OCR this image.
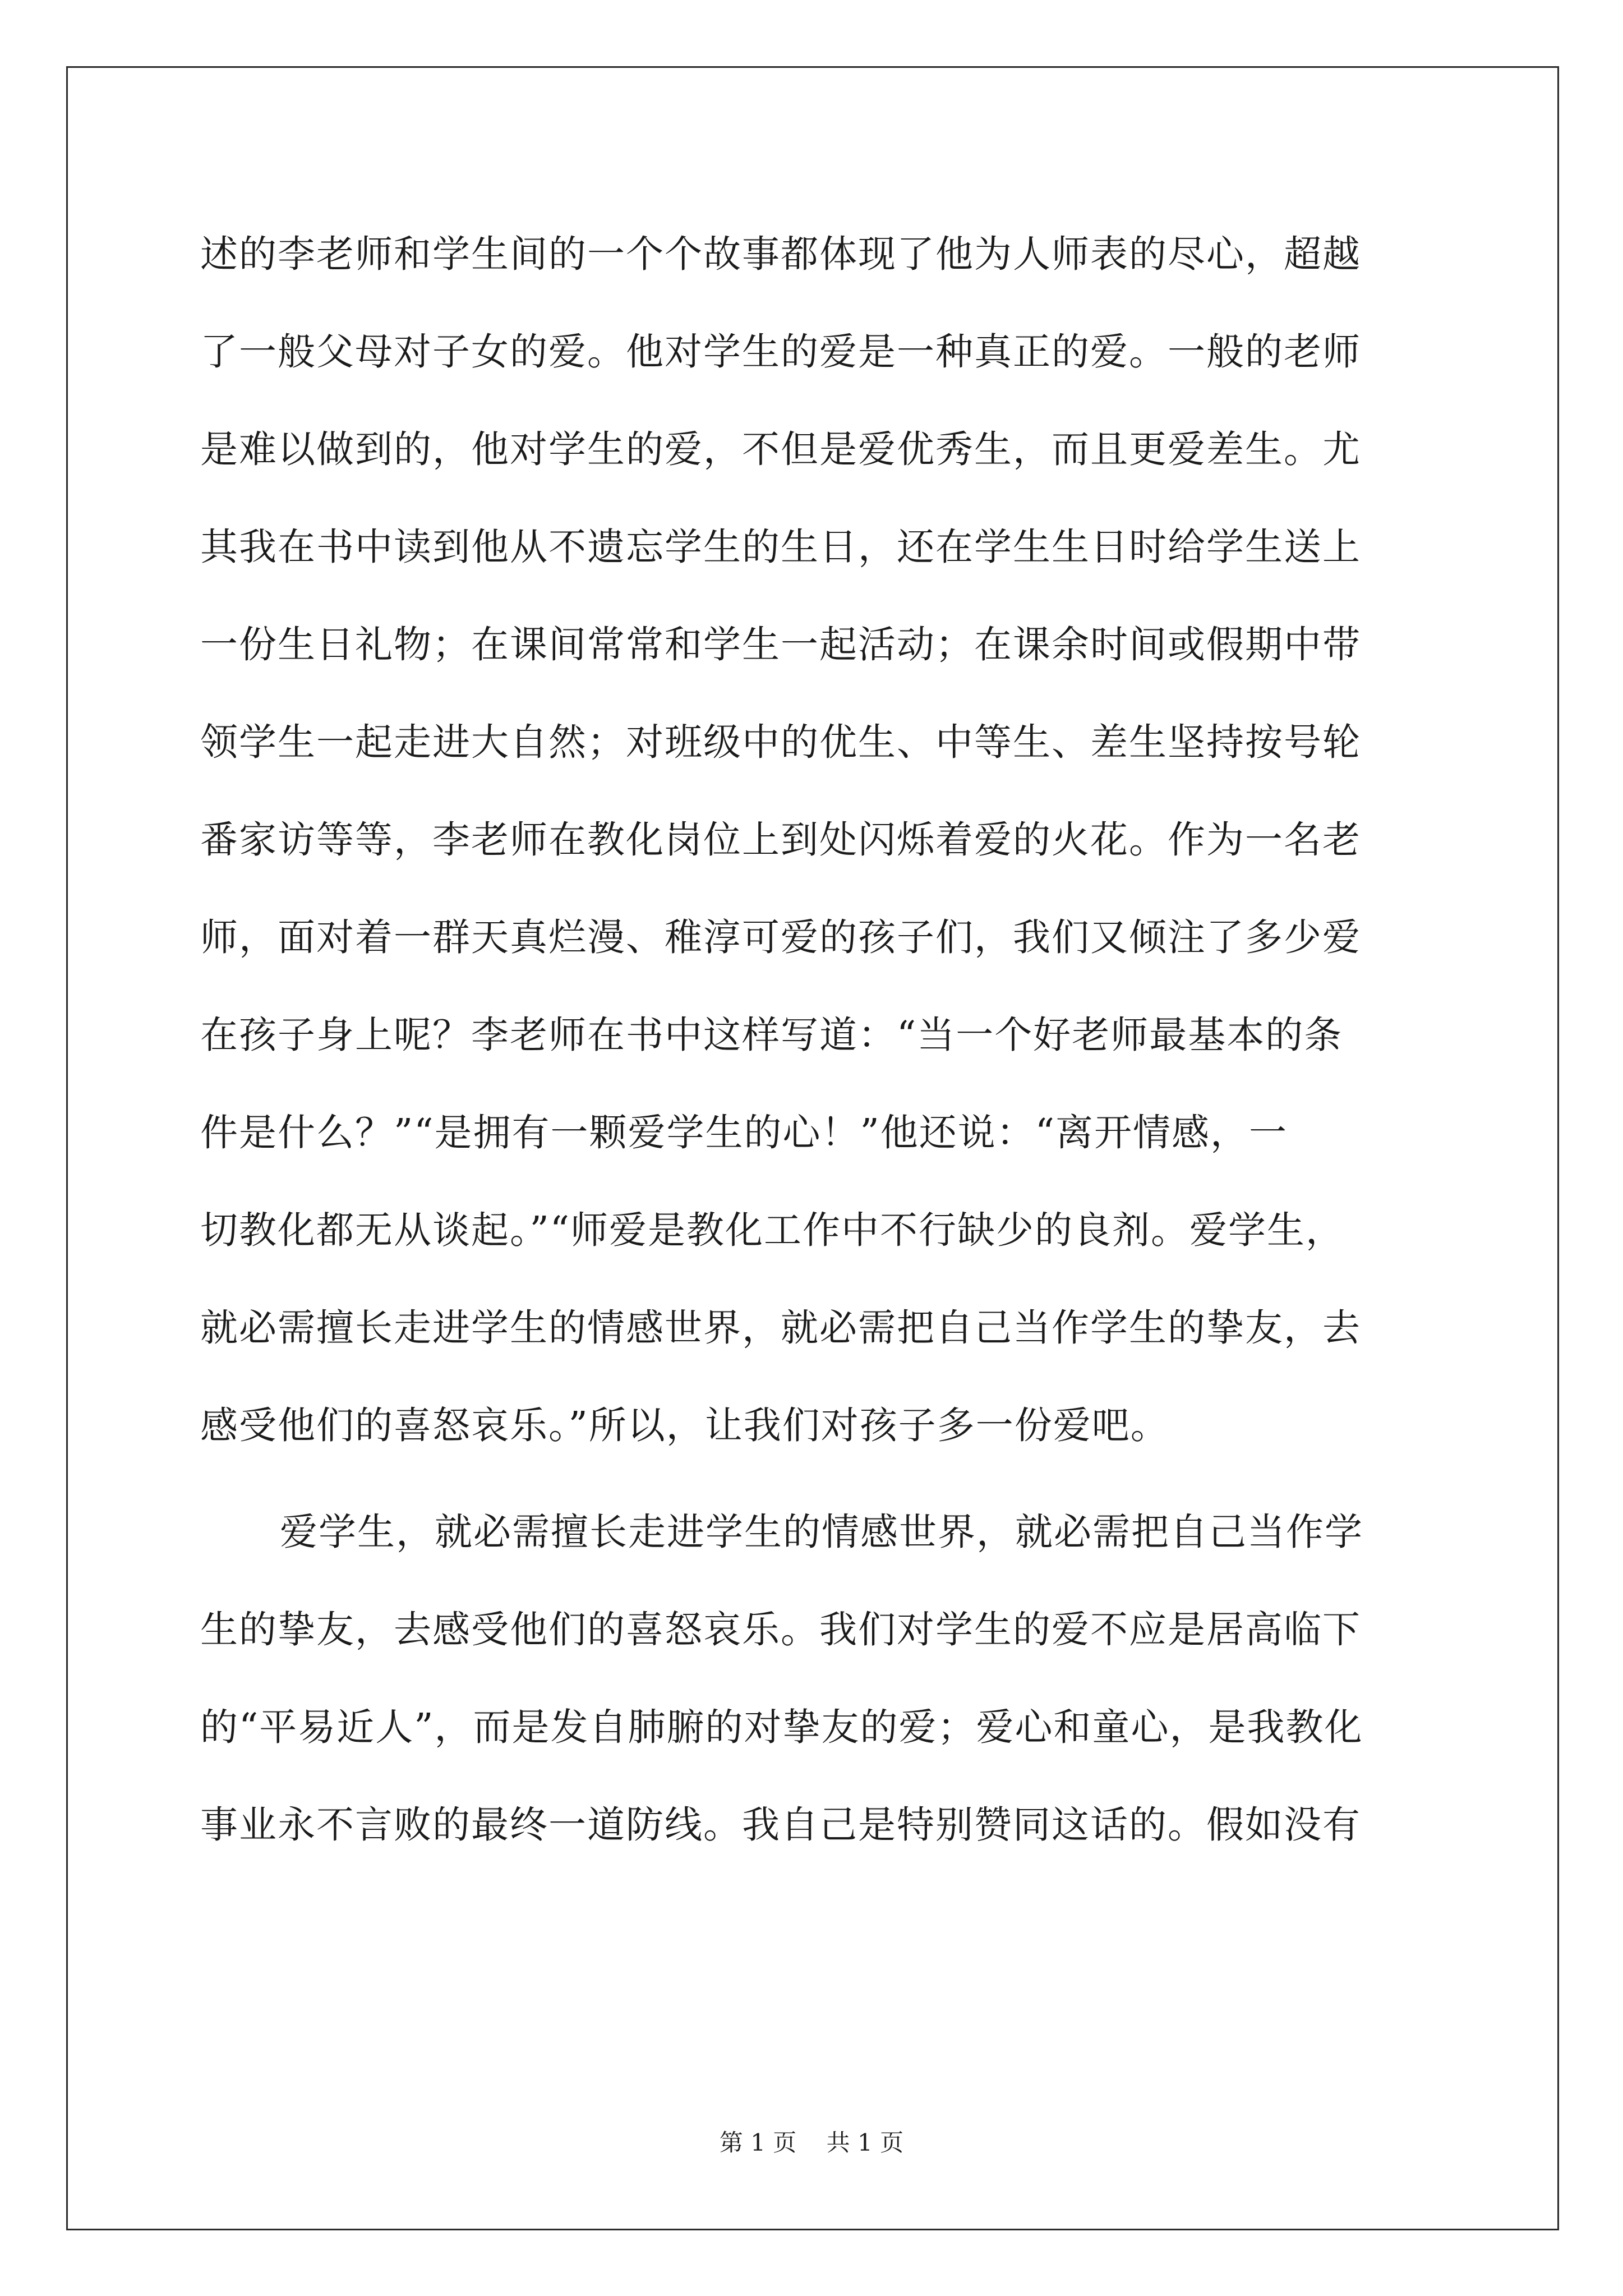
述的李老师和学生间的一个个故事都体现了他为人师表的尽心，超越
了一般父母对子女的爱。他对学生的爱是一种真正的爱。一般的老师
是难以做到的，他对学生的爱，不但是爱优秀生，而且更爱差生。尤
其我在书中读到他从不遗忘学生的生日，还在学生生日时给学生送上
一份生日礼物；在课间常常和学生一起活动；在课余时间或假期中带
领学生一起走进大自然；对班级中的优生、中等生、差生坚持按号轮
番家访等等，李老师在教化岗位上到处闪烁着爱的火花。作为一名老
师，面对着一群天真烂漫、稚淳可爱的孩子们，我们又倾注了多少爱
在孩子身上呢？李老师在书中这样写道：“当一个好老师最基本的条
件是什么？”“是拥有一颗爱学生的心！”他还说：“离开情感，一
切教化都无从谈起。”“师爱是教化工作中不行缺少的良剂。爱学生，
就必需擅长走进学生的情感世界，就必需把自己当作学生的挚友，去
感受他们的喜怒哀乐。”所以，让我们对孩子多一份爱吧。
爱学生，就必需擅长走进学生的情感世界，就必需把自己当作学
生的挚友，去感受他们的喜怒哀乐。我们对学生的爱不应是居高临下
的“平易近人”，而是发自肺腑的对挚友的爱；爱心和童心，是我教化
事业永不言败的最终一道防线。我自己是特别赞同这话的。假如没有
第 1 页 共 1 页
